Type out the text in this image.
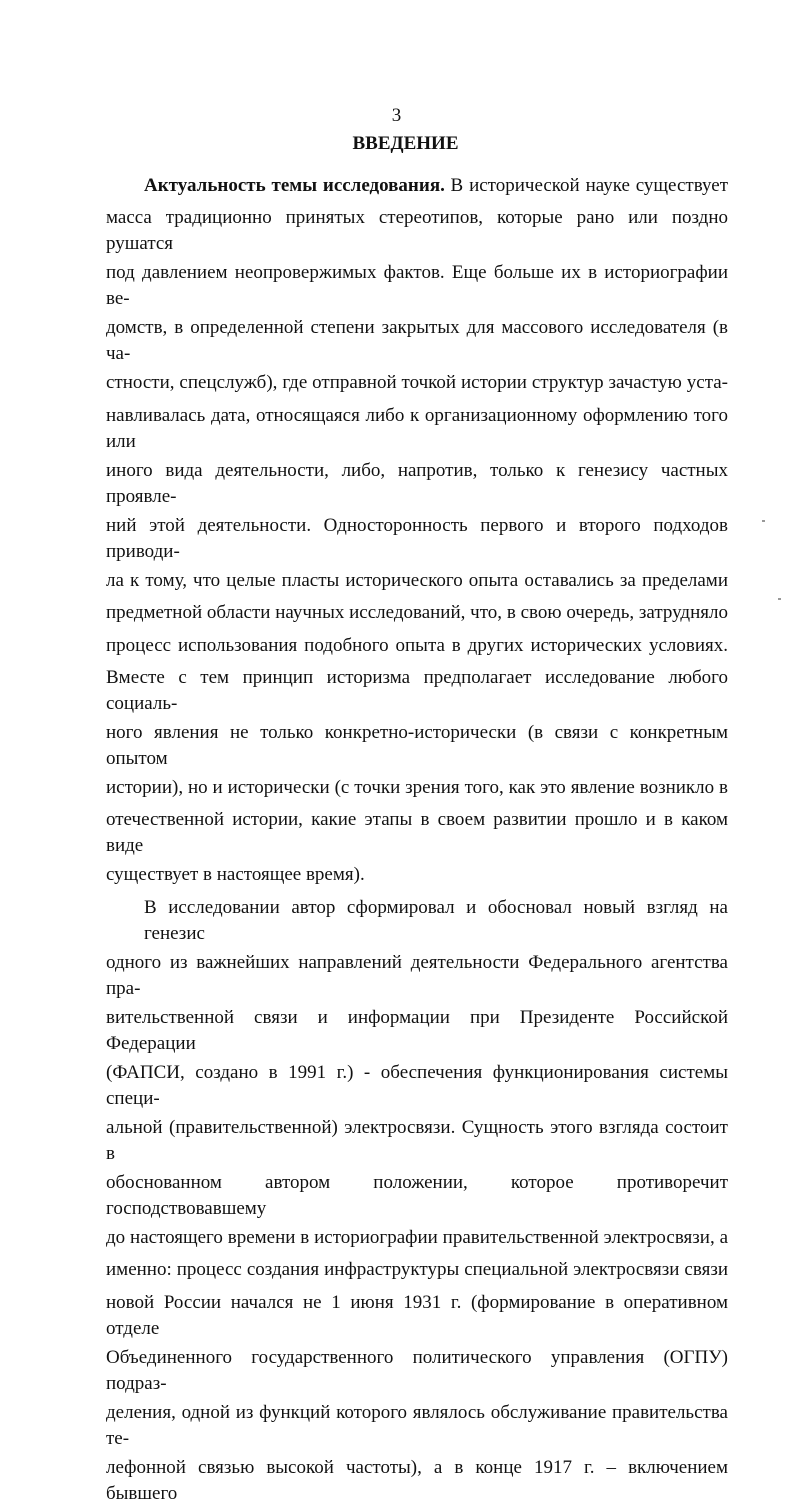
3
ВВЕДЕНИЕ
Актуальность темы исследования. В исторической науке существует
масса традиционно принятых стереотипов, которые рано или поздно рушатся
под давлением неопровержимых фактов. Еще больше их в историографии ве-
домств, в определенной степени закрытых для массового исследователя (в ча-
стности, спецслужб), где отправной точкой истории структур зачастую уста-
навливалась дата, относящаяся либо к организационному оформлению того или
иного вида деятельности, либо, напротив, только к генезису частных проявле-
ний этой деятельности. Односторонность первого и второго подходов приводи-
ла к тому, что целые пласты исторического опыта оставались за пределами
предметной области научных исследований, что, в свою очередь, затрудняло
процесс использования подобного опыта в других исторических условиях.
Вместе с тем принцип историзма предполагает исследование любого социаль-
ного явления не только конкретно-исторически (в связи с конкретным опытом
истории), но и исторически (с точки зрения того, как это явление возникло в
отечественной истории, какие этапы в своем развитии прошло и в каком виде
существует в настоящее время).
В исследовании автор сформировал и обосновал новый взгляд на генезис
одного из важнейших направлений деятельности Федерального агентства пра-
вительственной связи и информации при Президенте Российской Федерации
(ФАПСИ, создано в 1991 г.) - обеспечения функционирования системы специ-
альной (правительственной) электросвязи. Сущность этого взгляда состоит в
обоснованном автором положении, которое противоречит господствовавшему
до настоящего времени в историографии правительственной электросвязи, а
именно: процесс создания инфраструктуры специальной электросвязи связи
новой России начался не 1 июня 1931 г. (формирование в оперативном отделе
Объединенного государственного политического управления (ОГПУ) подраз-
деления, одной из функций которого являлось обслуживание правительства те-
лефонной связью высокой частоты), а в конце 1917 г. – включением бывшего
